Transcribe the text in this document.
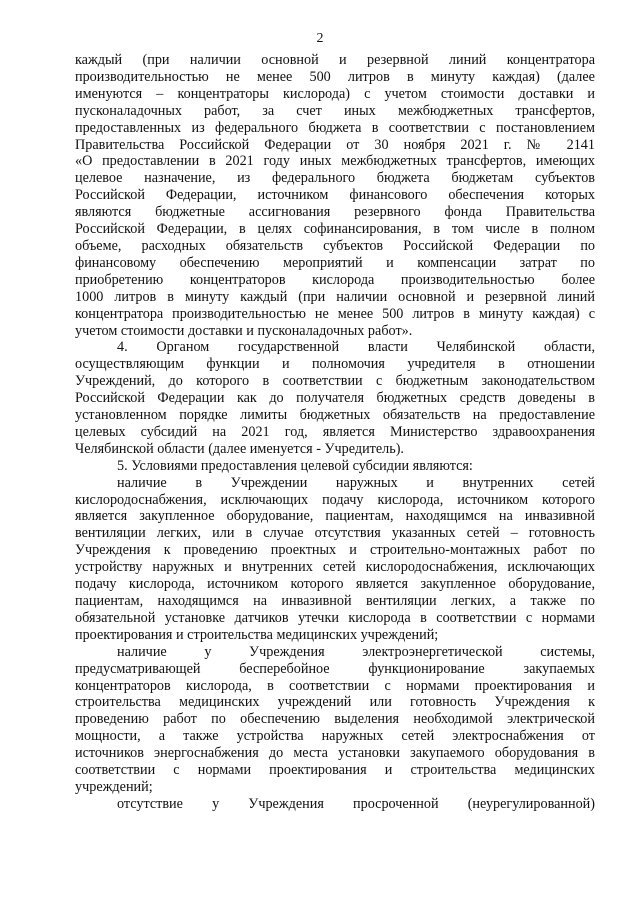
2

каждый (при наличии основной и резервной линий концентратора

производительностью не менее 500 литров в минуту каждая) (далее

именуются – концентраторы кислорода) с учетом стоимости доставки и

пусконаладочных работ, за счет иных межбюджетных трансфертов,

предоставленных из федерального бюджета в соответствии с постановлением

Правительства Российской Федерации от 30 ноября 2021 г. № 2141

«О предоставлении в 2021 году иных межбюджетных трансфертов, имеющих

целевое назначение, из федерального бюджета бюджетам субъектов

Российской Федерации, источником финансового обеспечения которых

являются бюджетные ассигнования резервного фонда Правительства

Российской Федерации, в целях софинансирования, в том числе в полном

объеме, расходных обязательств субъектов Российской Федерации по

финансовому обеспечению мероприятий и компенсации затрат по

приобретению концентраторов кислорода производительностью более

1000 литров в минуту каждый (при наличии основной и резервной линий

концентратора производительностью не менее 500 литров в минуту каждая) с

учетом стоимости доставки и пусконаладочных работ».

4. Органом государственной власти Челябинской области,

осуществляющим функции и полномочия учредителя в отношении

Учреждений, до которого в соответствии с бюджетным законодательством

Российской Федерации как до получателя бюджетных средств доведены в

установленном порядке лимиты бюджетных обязательств на предоставление

целевых субсидий на 2021 год, является Министерство здравоохранения

Челябинской области (далее именуется - Учредитель).

5. Условиями предоставления целевой субсидии являются:

наличие в Учреждении наружных и внутренних сетей

кислородоснабжения, исключающих подачу кислорода, источником которого

является закупленное оборудование, пациентам, находящимся на инвазивной

вентиляции легких, или в случае отсутствия указанных сетей – готовность

Учреждения к проведению проектных и строительно-монтажных работ по

устройству наружных и внутренних сетей кислородоснабжения, исключающих

подачу кислорода, источником которого является закупленное оборудование,

пациентам, находящимся на инвазивной вентиляции легких, а также по

обязательной установке датчиков утечки кислорода в соответствии с нормами

проектирования и строительства медицинских учреждений;

наличие у Учреждения электроэнергетической системы,

предусматривающей бесперебойное функционирование закупаемых

концентраторов кислорода, в соответствии с нормами проектирования и

строительства медицинских учреждений или готовность Учреждения к

проведению работ по обеспечению выделения необходимой электрической

мощности, а также устройства наружных сетей электроснабжения от

источников энергоснабжения до места установки закупаемого оборудования в

соответствии с нормами проектирования и строительства медицинских

учреждений;

отсутствие у Учреждения просроченной (неурегулированной)
